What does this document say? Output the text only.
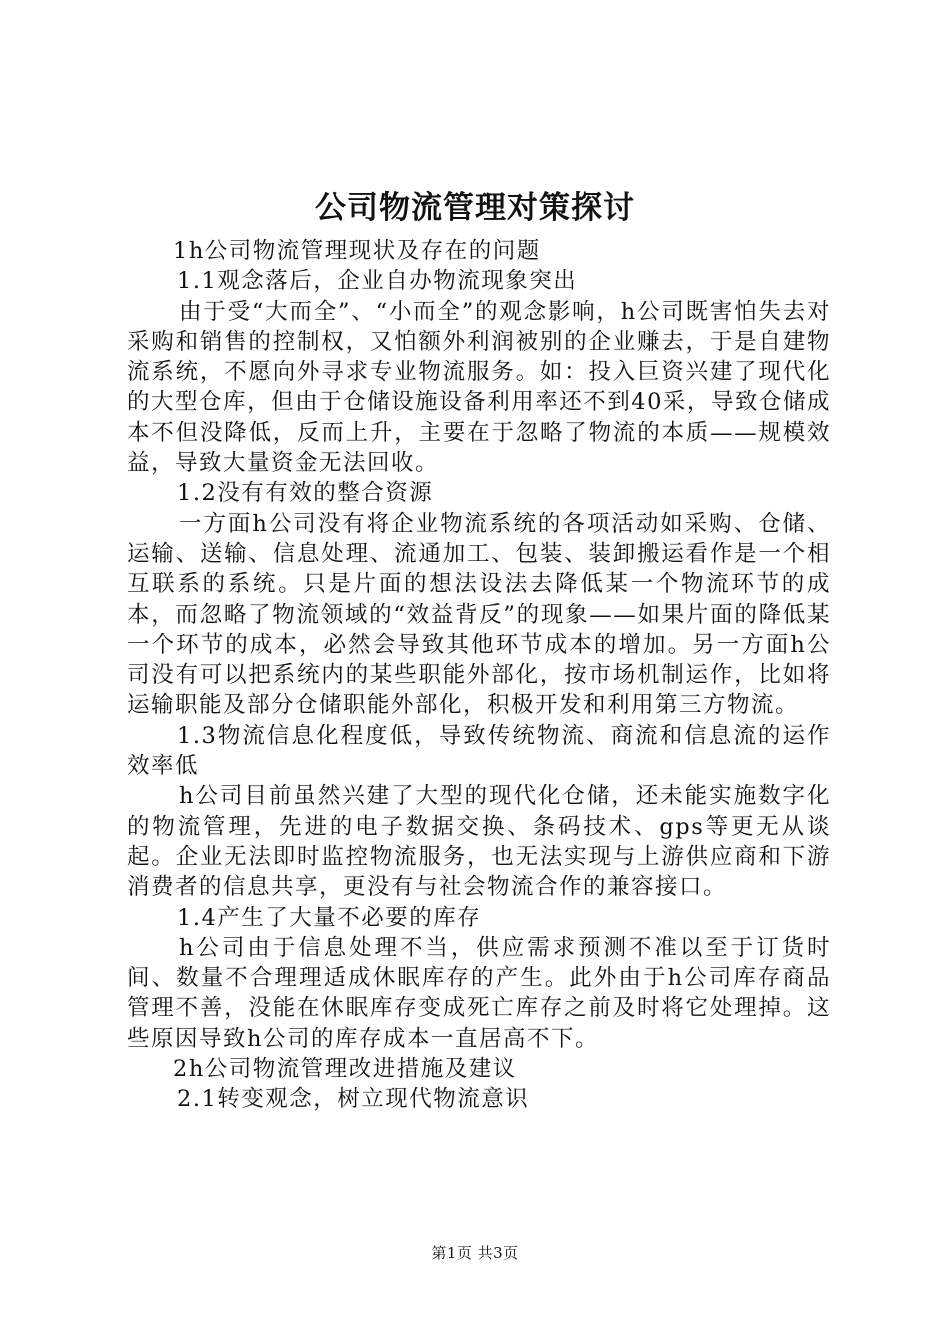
公司物流管理对策探讨

1h公司物流管理现状及存在的问题

1.1观念落后，企业自办物流现象突出

由于受“大而全”、“小而全”的观念影响，h公司既害怕失去对采购和销售的控制权，又怕额外利润被别的企业赚去，于是自建物流系统，不愿向外寻求专业物流服务。如：投入巨资兴建了现代化的大型仓库，但由于仓储设施设备利用率还不到40采，导致仓储成本不但没降低，反而上升，主要在于忽略了物流的本质——规模效益，导致大量资金无法回收。

1.2没有有效的整合资源

一方面h公司没有将企业物流系统的各项活动如采购、仓储、运输、送输、信息处理、流通加工、包装、装卸搬运看作是一个相互联系的系统。只是片面的想法设法去降低某一个物流环节的成本，而忽略了物流领域的“效益背反”的现象——如果片面的降低某一个环节的成本，必然会导致其他环节成本的增加。另一方面h公司没有可以把系统内的某些职能外部化，按市场机制运作，比如将运输职能及部分仓储职能外部化，积极开发和利用第三方物流。

1.3物流信息化程度低，导致传统物流、商流和信息流的运作效率低

h公司目前虽然兴建了大型的现代化仓储，还未能实施数字化的物流管理，先进的电子数据交换、条码技术、gps等更无从谈起。企业无法即时监控物流服务，也无法实现与上游供应商和下游消费者的信息共享，更没有与社会物流合作的兼容接口。

1.4产生了大量不必要的库存

h公司由于信息处理不当，供应需求预测不准以至于订货时间、数量不合理理适成休眠库存的产生。此外由于h公司库存商品管理不善，没能在休眠库存变成死亡库存之前及时将它处理掉。这些原因导致h公司的库存成本一直居高不下。

2h公司物流管理改进措施及建议

2.1转变观念，树立现代物流意识

第1页 共3页
